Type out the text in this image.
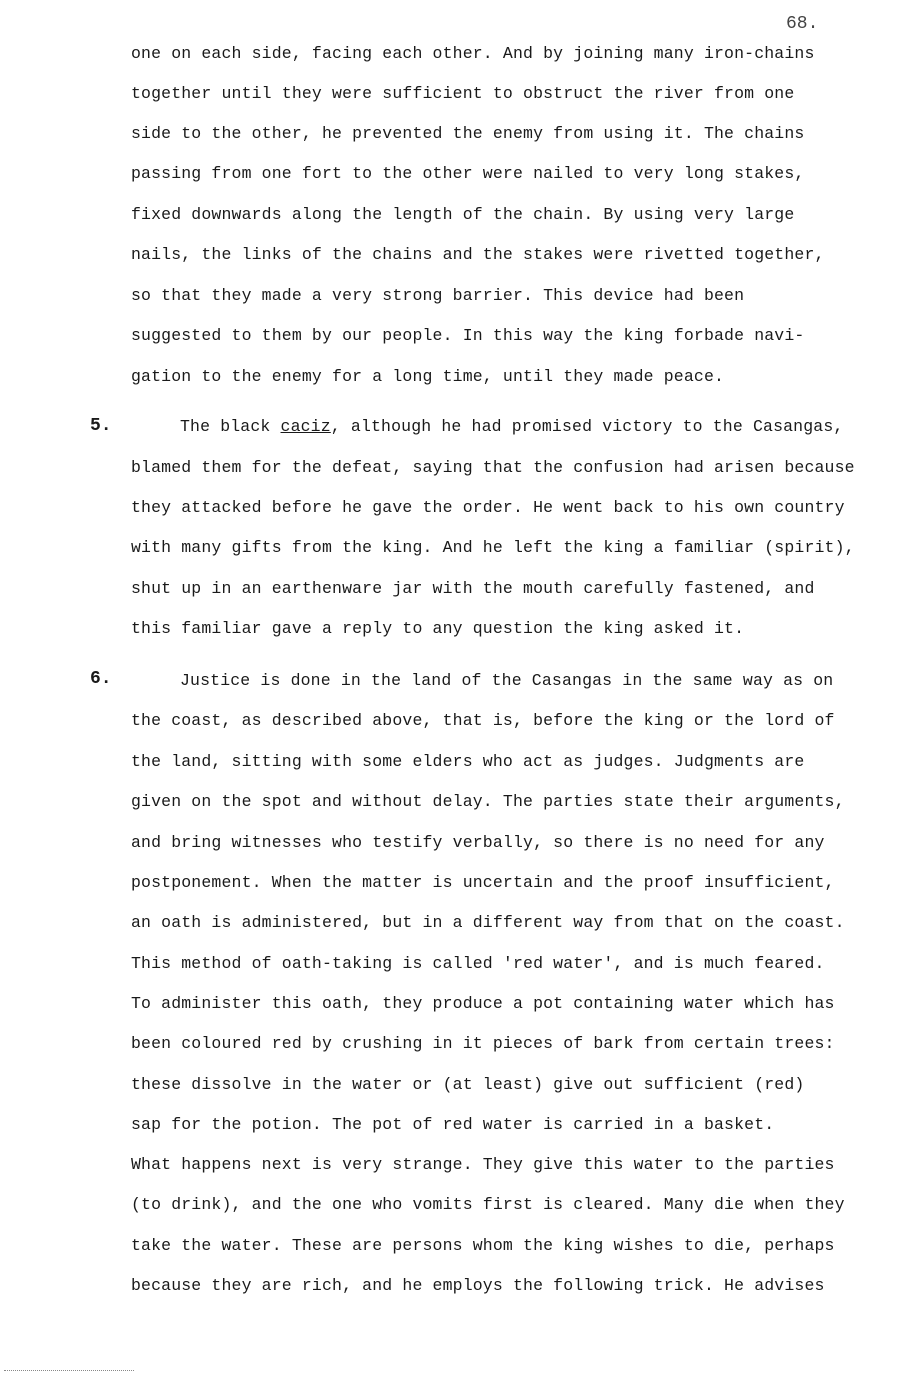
68.
one on each side, facing each other. And by joining many iron-chains
together until they were sufficient to obstruct the river from one
side to the other, he prevented the enemy from using it. The chains
passing from one fort to the other were nailed to very long stakes,
fixed downwards along the length of the chain. By using very large
nails, the links of the chains and the stakes were rivetted together,
so that they made a very strong barrier. This device had been
suggested to them by our people. In this way the king forbade navi-
gation to the enemy for a long time, until they made peace.
5.	The black caciz, although he had promised victory to the Casangas,
blamed them for the defeat, saying that the confusion had arisen because
they attacked before he gave the order. He went back to his own country
with many gifts from the king. And he left the king a familiar (spirit),
shut up in an earthenware jar with the mouth carefully fastened, and
this familiar gave a reply to any question the king asked it.
6.	Justice is done in the land of the Casangas in the same way as on
the coast, as described above, that is, before the king or the lord of
the land, sitting with some elders who act as judges. Judgments are
given on the spot and without delay. The parties state their arguments,
and bring witnesses who testify verbally, so there is no need for any
postponement. When the matter is uncertain and the proof insufficient,
an oath is administered, but in a different way from that on the coast.
This method of oath-taking is called 'red water', and is much feared.
To administer this oath, they produce a pot containing water which has
been coloured red by crushing in it pieces of bark from certain trees:
these dissolve in the water or (at least) give out sufficient (red)
sap for the potion. The pot of red water is carried in a basket.
What happens next is very strange. They give this water to the parties
(to drink), and the one who vomits first is cleared. Many die when they
take the water. These are persons whom the king wishes to die, perhaps
because they are rich, and he employs the following trick. He advises
